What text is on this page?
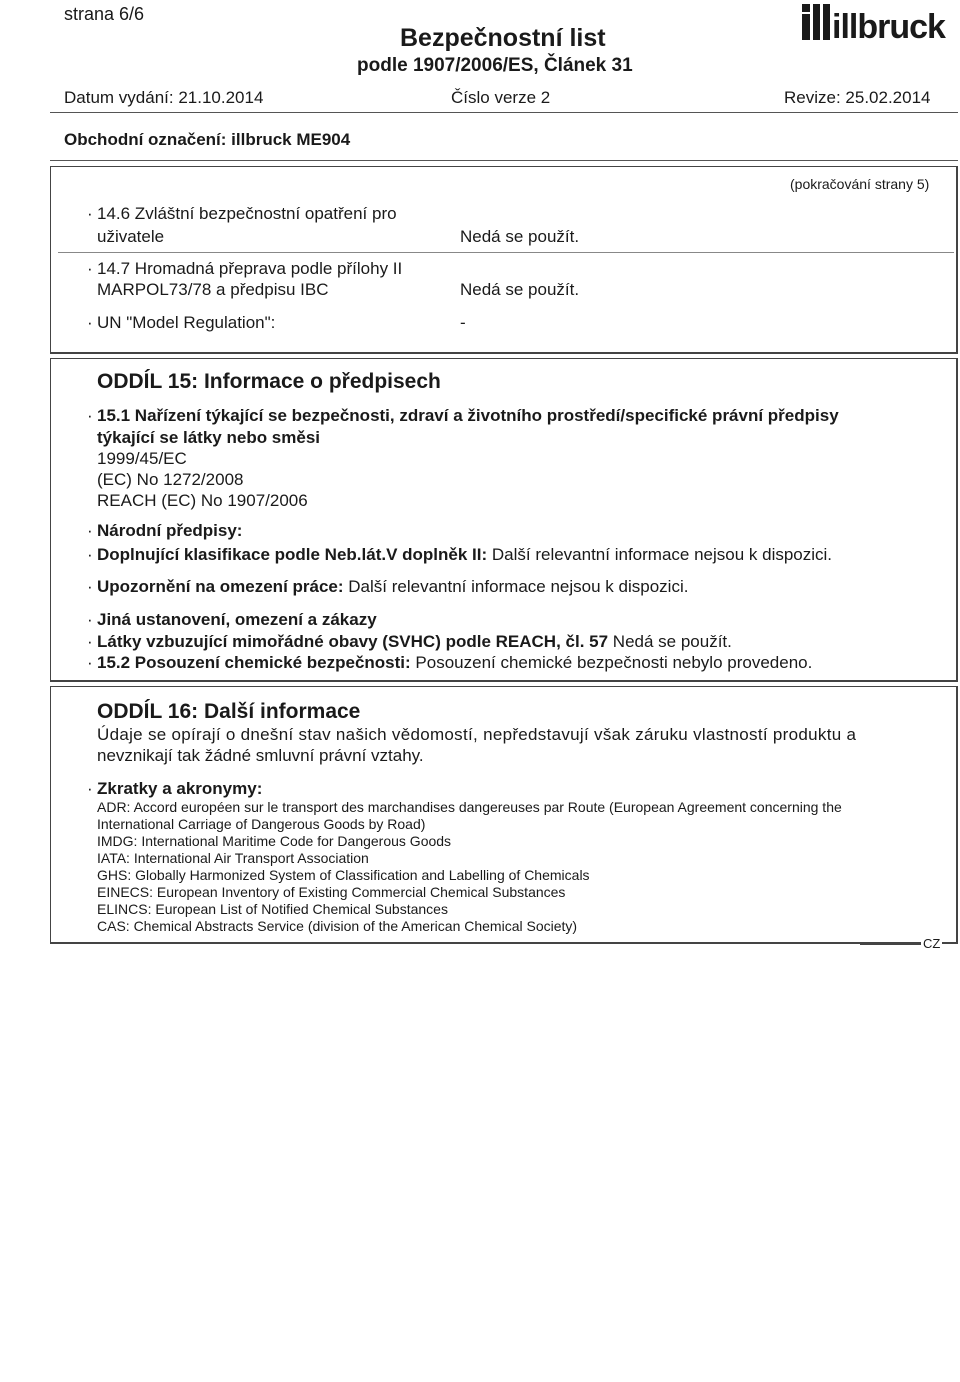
strana 6/6
Bezpečnostní list
podle 1907/2006/ES, Článek 31
illbruck
Datum vydání: 21.10.2014	Číslo verze 2	Revize: 25.02.2014
Obchodní označení: illbruck ME904
(pokračování strany 5)
· 14.6 Zvláštní bezpečnostní opatření pro
uživatele	Nedá se použít.
· 14.7 Hromadná přeprava podle přílohy II
MARPOL73/78 a předpisu IBC	Nedá se použít.
· UN "Model Regulation":	-
ODDÍL 15: Informace o předpisech
· 15.1 Nařízení týkající se bezpečnosti, zdraví a životního prostředí/specifické právní předpisy
týkající se látky nebo směsi
1999/45/EC
(EC) No 1272/2008
REACH (EC) No 1907/2006
· Národní předpisy:
· Doplnující klasifikace podle Neb.lát.V doplněk II: Další relevantní informace nejsou k dispozici.
· Upozornění na omezení práce: Další relevantní informace nejsou k dispozici.
· Jiná ustanovení, omezení a zákazy
· Látky vzbuzující mimořádné obavy (SVHC) podle REACH, čl. 57 Nedá se použít.
· 15.2 Posouzení chemické bezpečnosti: Posouzení chemické bezpečnosti nebylo provedeno.
ODDÍL 16: Další informace
Údaje se opírají o dnešní stav našich vědomostí, nepředstavují však záruku vlastností produktu a
nevznikají tak žádné smluvní právní vztahy.
· Zkratky a akronymy:
ADR: Accord européen sur le transport des marchandises dangereuses par Route (European Agreement concerning the
International Carriage of Dangerous Goods by Road)
IMDG: International Maritime Code for Dangerous Goods
IATA: International Air Transport Association
GHS: Globally Harmonized System of Classification and Labelling of Chemicals
EINECS: European Inventory of Existing Commercial Chemical Substances
ELINCS: European List of Notified Chemical Substances
CAS: Chemical Abstracts Service (division of the American Chemical Society)
CZ
